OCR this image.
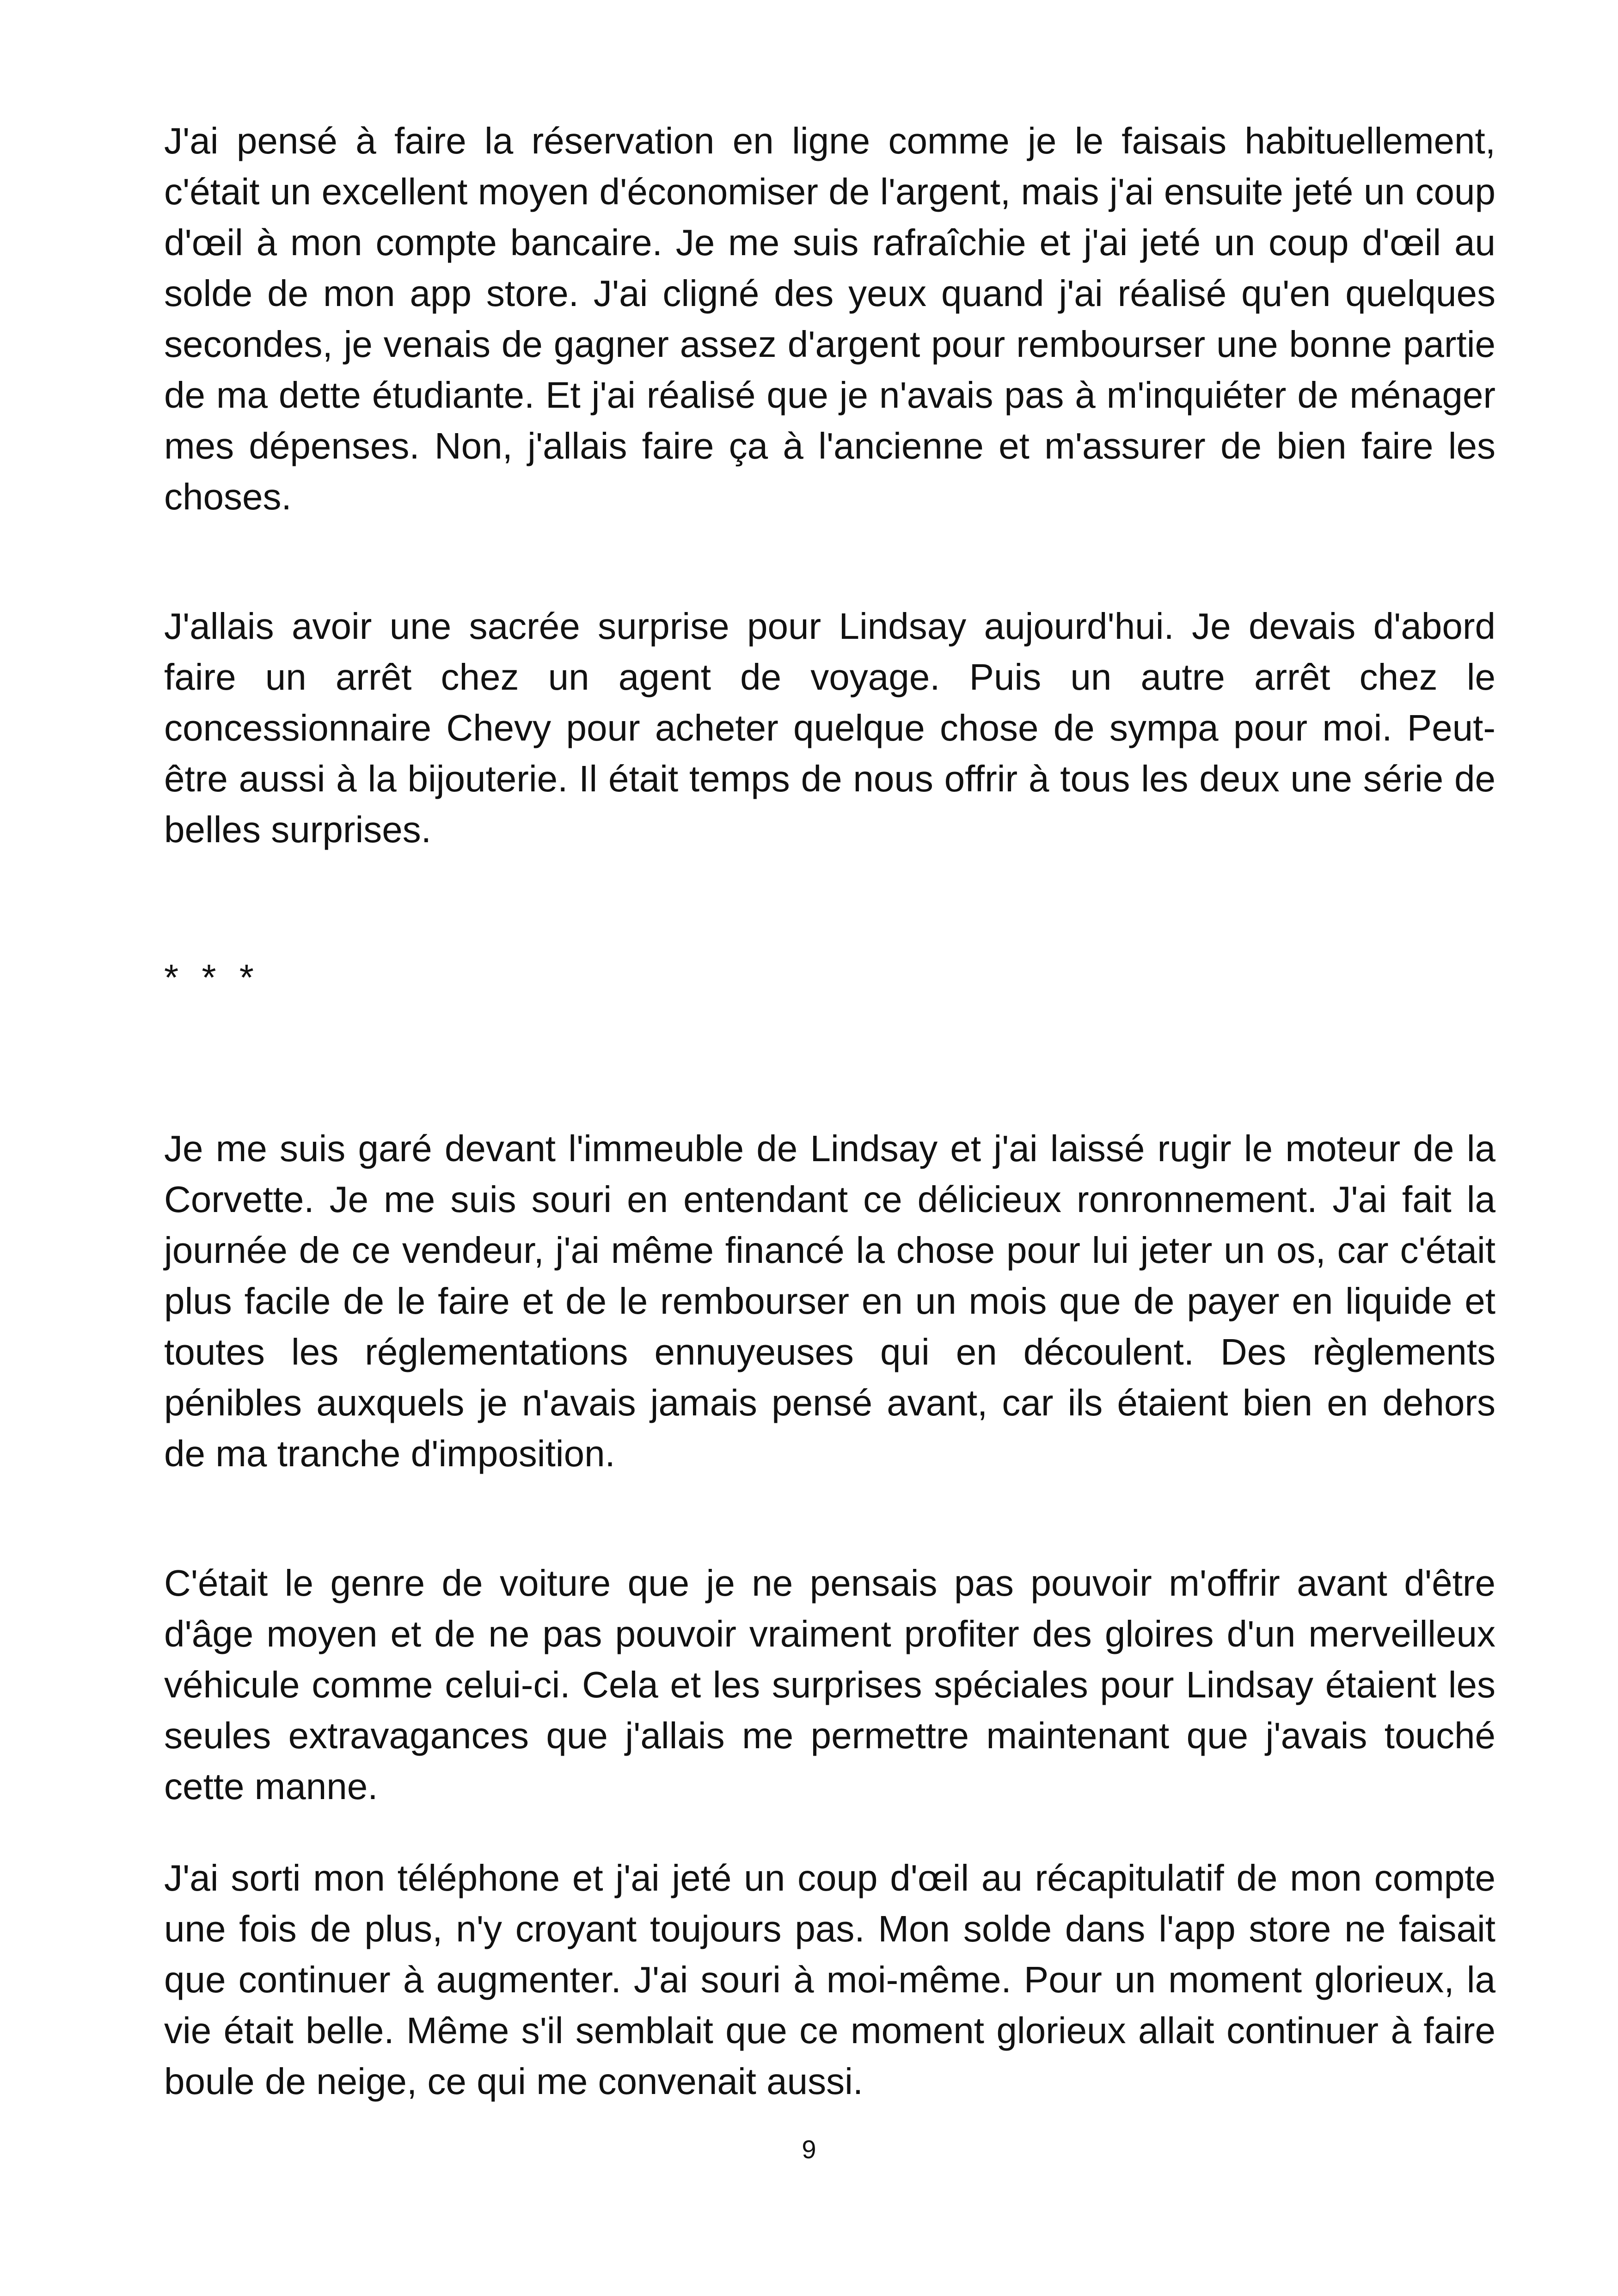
J'ai pensé à faire la réservation en ligne comme je le faisais habituellement, c'était un excellent moyen d'économiser de l'argent, mais j'ai ensuite jeté un coup d'œil à mon compte bancaire. Je me suis rafraîchie et j'ai jeté un coup d'œil au solde de mon app store. J'ai cligné des yeux quand j'ai réalisé qu'en quelques secondes, je venais de gagner assez d'argent pour rembourser une bonne partie de ma dette étudiante. Et j'ai réalisé que je n'avais pas à m'inquiéter de ménager mes dépenses. Non, j'allais faire ça à l'ancienne et m'assurer de bien faire les choses.

J'allais avoir une sacrée surprise pour Lindsay aujourd'hui. Je devais d'abord faire un arrêt chez un agent de voyage. Puis un autre arrêt chez le concessionnaire Chevy pour acheter quelque chose de sympa pour moi. Peut-être aussi à la bijouterie. Il était temps de nous offrir à tous les deux une série de belles surprises.

* * *

Je me suis garé devant l'immeuble de Lindsay et j'ai laissé rugir le moteur de la Corvette. Je me suis souri en entendant ce délicieux ronronnement. J'ai fait la journée de ce vendeur, j'ai même financé la chose pour lui jeter un os, car c'était plus facile de le faire et de le rembourser en un mois que de payer en liquide et toutes les réglementations ennuyeuses qui en découlent. Des règlements pénibles auxquels je n'avais jamais pensé avant, car ils étaient bien en dehors de ma tranche d'imposition.

C'était le genre de voiture que je ne pensais pas pouvoir m'offrir avant d'être d'âge moyen et de ne pas pouvoir vraiment profiter des gloires d'un merveilleux véhicule comme celui-ci. Cela et les surprises spéciales pour Lindsay étaient les seules extravagances que j'allais me permettre maintenant que j'avais touché cette manne.

J'ai sorti mon téléphone et j'ai jeté un coup d'œil au récapitulatif de mon compte une fois de plus, n'y croyant toujours pas. Mon solde dans l'app store ne faisait que continuer à augmenter. J'ai souri à moi-même. Pour un moment glorieux, la vie était belle. Même s'il semblait que ce moment glorieux allait continuer à faire boule de neige, ce qui me convenait aussi.

9
